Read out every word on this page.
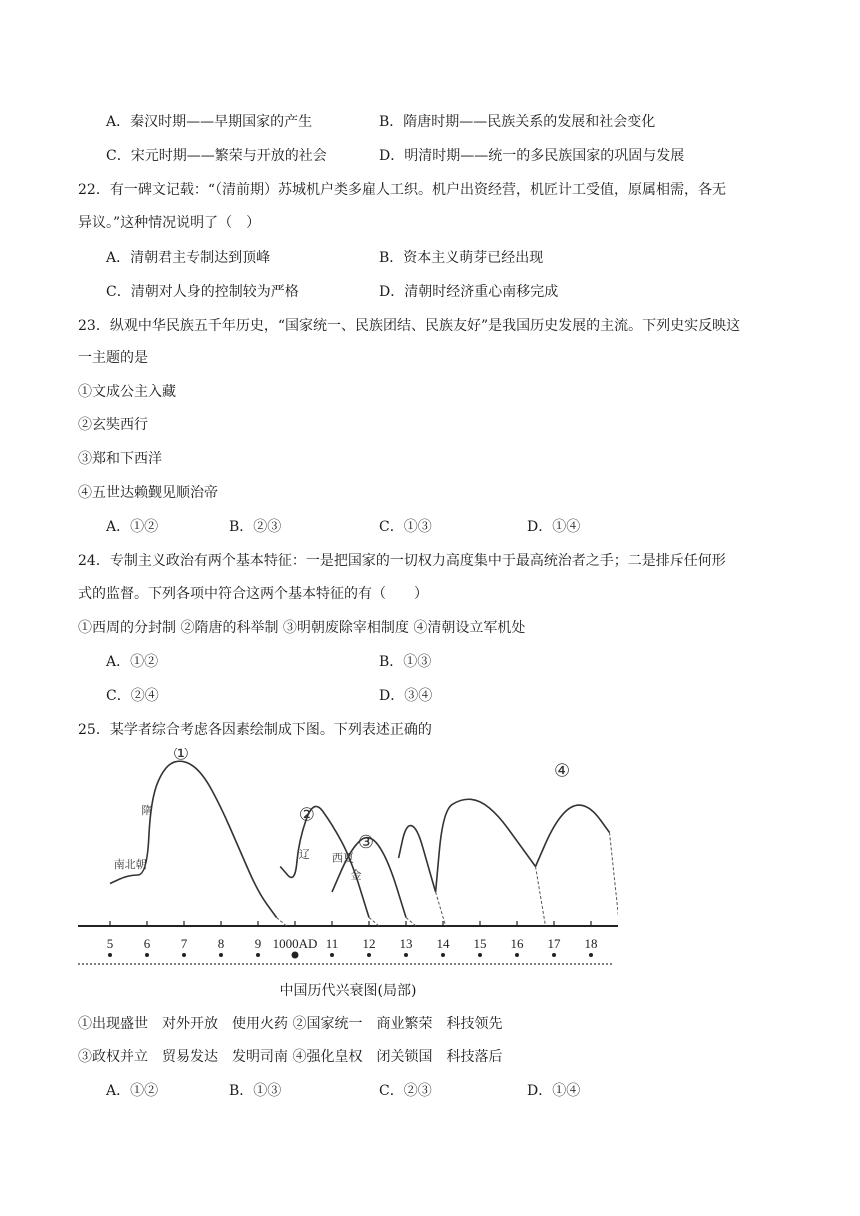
A．秦汉时期——早期国家的产生	B．隋唐时期——民族关系的发展和社会变化
C．宋元时期——繁荣与开放的社会	D．明清时期——统一的多民族国家的巩固与发展
22．有一碑文记载：“（清前期）苏城机户类多雇人工织。机户出资经营，机匠计工受值，原属相需，各无
异议。”这种情况说明了（　）
A．清朝君主专制达到顶峰	B．资本主义萌芽已经出现
C．清朝对人身的控制较为严格	D．清朝时经济重心南移完成
23．纵观中华民族五千年历史，“国家统一、民族团结、民族友好”是我国历史发展的主流。下列史实反映这
一主题的是
①文成公主入藏
②玄奘西行
③郑和下西洋
④五世达赖觐见顺治帝
A．①②	B．②③	C．①③	D．①④
24．专制主义政治有两个基本特征：一是把国家的一切权力高度集中于最高统治者之手；二是排斥任何形
式的监督。下列各项中符合这两个基本特征的有（　　）
①西周的分封制 ②隋唐的科举制 ③明朝废除宰相制度 ④清朝设立军机处
A．①②	B．①③
C．②④	D．③④
25．某学者综合考虑各因素绘制成下图。下列表述正确的
5 6 7 8 9 1000AD 11 12 13 14 15 16 17 18
①
②
③
④
隋
南北朝
辽 西夏
金
中国历代兴衰图(局部)
①出现盛世　对外开放　使用火药 ②国家统一　商业繁荣　科技领先
③政权并立　贸易发达　发明司南 ④强化皇权　闭关锁国　科技落后
A．①②	B．①③	C．②③	D．①④
